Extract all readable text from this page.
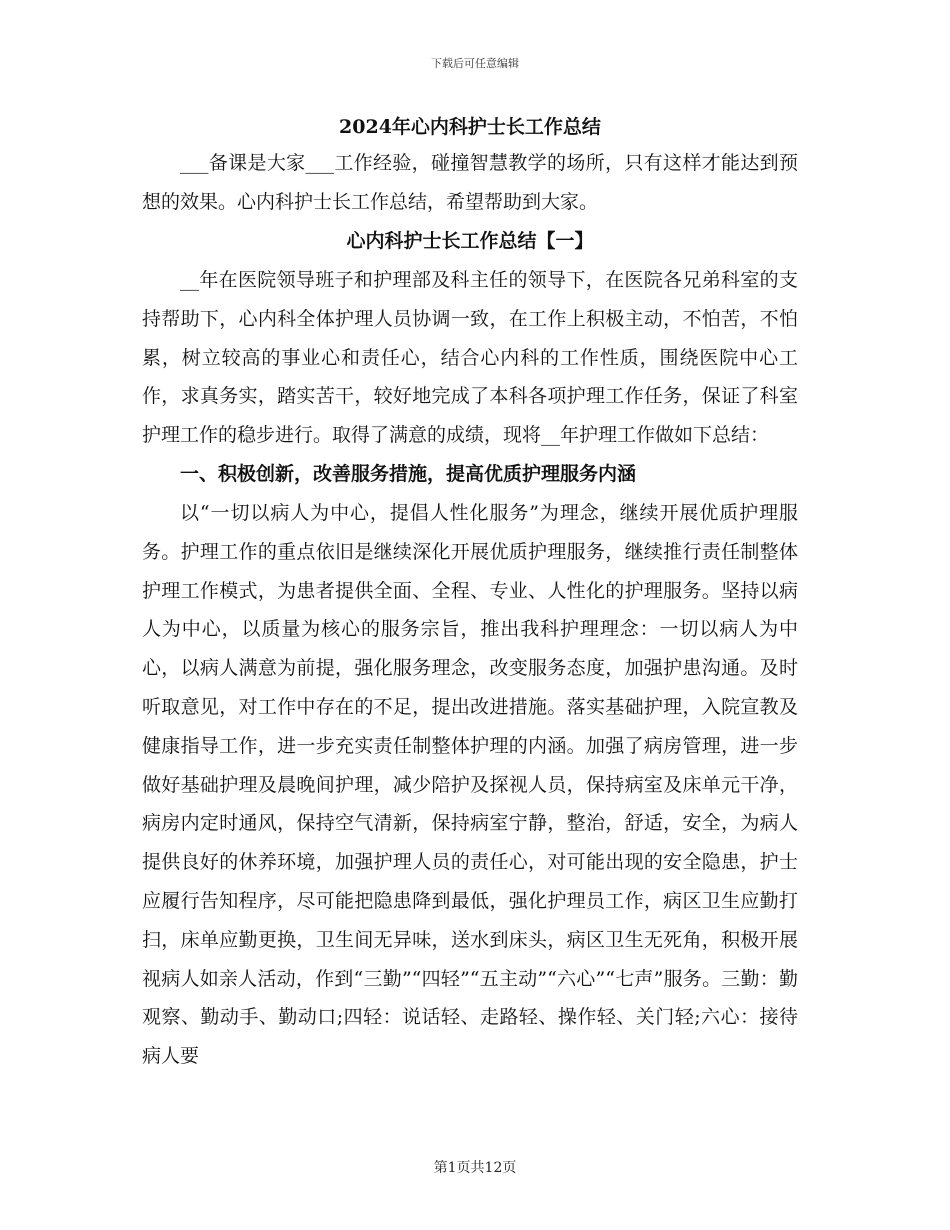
下载后可任意编辑
2024年心内科护士长工作总结

___备课是大家___工作经验，碰撞智慧教学的场所，只有这样才能达到预想的效果。心内科护士长工作总结，希望帮助到大家。

心内科护士长工作总结【一】

__年在医院领导班子和护理部及科主任的领导下，在医院各兄弟科室的支持帮助下，心内科全体护理人员协调一致，在工作上积极主动，不怕苦，不怕累，树立较高的事业心和责任心，结合心内科的工作性质，围绕医院中心工作，求真务实，踏实苦干，较好地完成了本科各项护理工作任务，保证了科室护理工作的稳步进行。取得了满意的成绩，现将__年护理工作做如下总结：

一、积极创新，改善服务措施，提高优质护理服务内涵

以“一切以病人为中心，提倡人性化服务”为理念，继续开展优质护理服务。护理工作的重点依旧是继续深化开展优质护理服务，继续推行责任制整体护理工作模式，为患者提供全面、全程、专业、人性化的护理服务。坚持以病人为中心，以质量为核心的服务宗旨，推出我科护理理念：一切以病人为中心，以病人满意为前提，强化服务理念，改变服务态度，加强护患沟通。及时听取意见，对工作中存在的不足，提出改进措施。落实基础护理，入院宣教及健康指导工作，进一步充实责任制整体护理的内涵。加强了病房管理，进一步做好基础护理及晨晚间护理，减少陪护及探视人员，保持病室及床单元干净，病房内定时通风，保持空气清新，保持病室宁静，整治，舒适，安全，为病人提供良好的休养环境，加强护理人员的责任心，对可能出现的安全隐患，护士应履行告知程序，尽可能把隐患降到最低，强化护理员工作，病区卫生应勤打扫，床单应勤更换，卫生间无异味，送水到床头，病区卫生无死角，积极开展视病人如亲人活动，作到“三勤”“四轻”“五主动”“六心”“七声”服务。三勤：勤观察、勤动手、勤动口;四轻：说话轻、走路轻、操作轻、关门轻;六心：接待病人要

第1页共12页
